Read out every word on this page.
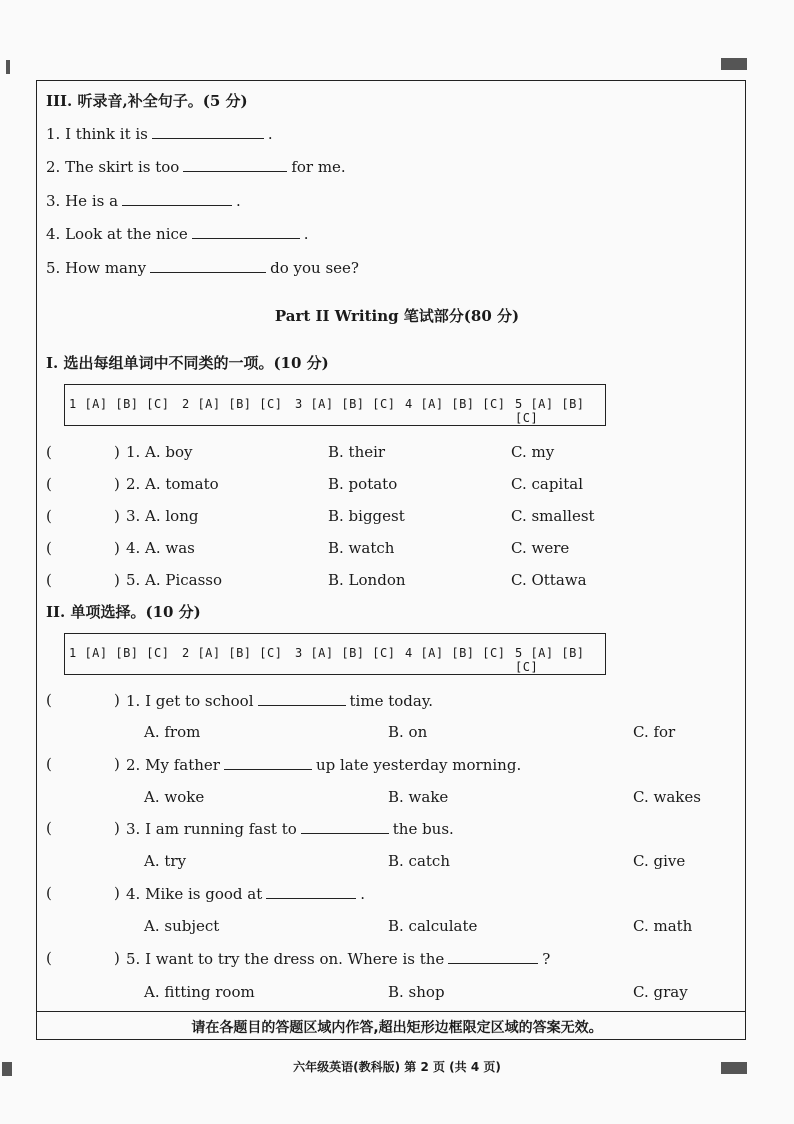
III. 听录音,补全句子。(5 分)
1. I think it is	.
2. The skirt is too	for me.
3. He is a	.
4. Look at the nice	.
5. How many	do you see?
Part II Writing 笔试部分(80 分)
I. 选出每组单词中不同类的一项。(10 分)
1 [A] [B] [C] 2 [A] [B] [C] 3 [A] [B] [C] 4 [A] [B] [C] 5 [A] [B] [C]
(	) 1. A. boy	B. their	C. my
(	) 2. A. tomato	B. potato	C. capital
(	) 3. A. long	B. biggest	C. smallest
(	) 4. A. was	B. watch	C. were
(	) 5. A. Picasso	B. London	C. Ottawa
II. 单项选择。(10 分)
1 [A] [B] [C] 2 [A] [B] [C] 3 [A] [B] [C] 4 [A] [B] [C] 5 [A] [B] [C]
(	) 1. I get to school	time today.
A. from	B. on	C. for
(	) 2. My father	up late yesterday morning.
A. woke	B. wake	C. wakes
(	) 3. I am running fast to	the bus.
A. try	B. catch	C. give
(	) 4. Mike is good at	.
A. subject	B. calculate	C. math
(	) 5. I want to try the dress on. Where is the	?
A. fitting room	B. shop	C. gray
请在各题目的答题区域内作答,超出矩形边框限定区域的答案无效。
六年级英语(教科版) 第 2 页 (共 4 页)
